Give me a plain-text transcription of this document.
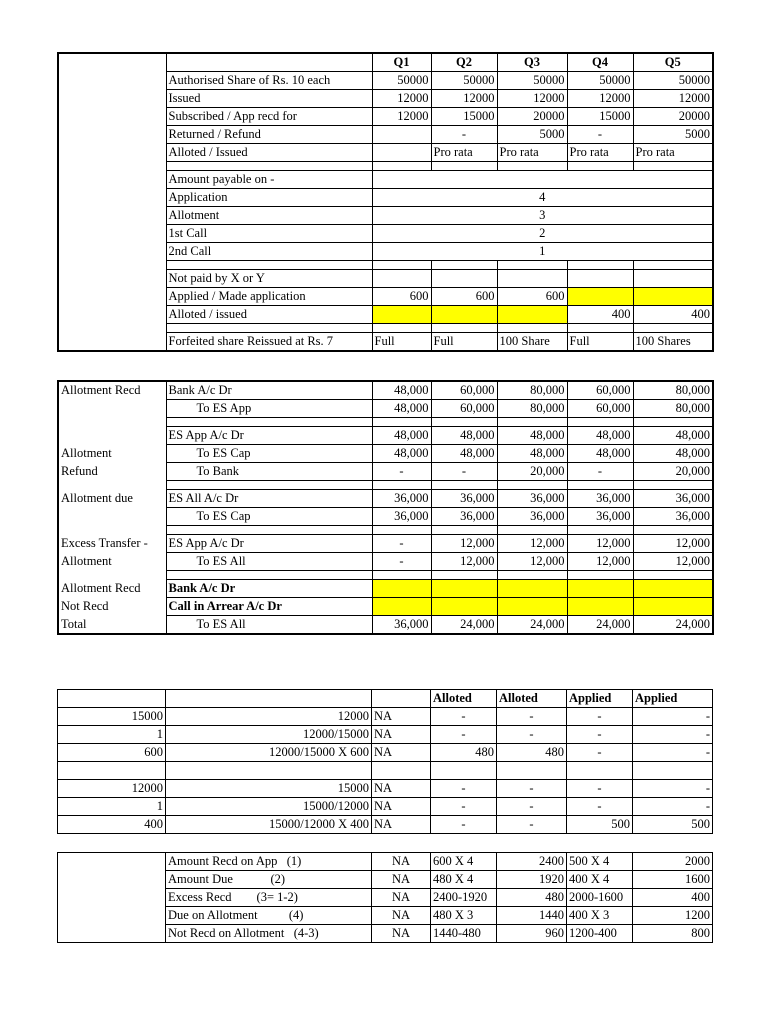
		Q1	Q2	Q3	Q4	Q5
	Authorised Share of Rs. 10 each	50000	50000	50000	50000	50000
	Issued	12000	12000	12000	12000	12000
	Subscribed / App recd for	12000	15000	20000	15000	20000
	Returned / Refund		-	5000	-	5000
	Alloted / Issued		Pro rata	Pro rata	Pro rata	Pro rata

	Amount payable on -					
	Application	4				
	Allotment	3				
	1st Call	2				
	2nd Call	1				

	Not paid by X or Y					
	Applied / Made application	600	600	600		
	Alloted / issued				400	400

	Forfeited share Reissued at Rs. 7	Full	Full	100 Share	Full	100 Shares
Allotment Recd	Bank A/c Dr	48,000	60,000	80,000	60,000	80,000
	To ES App	48,000	60,000	80,000	60,000	80,000

	ES App A/c Dr	48,000	48,000	48,000	48,000	48,000
Allotment	To ES Cap	48,000	48,000	48,000	48,000	48,000
Refund	To Bank	-	-	20,000	-	20,000

Allotment due	ES All A/c Dr	36,000	36,000	36,000	36,000	36,000
	To ES Cap	36,000	36,000	36,000	36,000	36,000

Excess Transfer -	ES App A/c Dr	-	12,000	12,000	12,000	12,000
Allotment	To ES All	-	12,000	12,000	12,000	12,000

Allotment Recd	Bank A/c Dr					
Not Recd	Call in Arrear A/c Dr					
Total	To ES All	36,000	24,000	24,000	24,000	24,000
			Alloted	Alloted	Applied	Applied
15000	12000	NA	-	-	-	-
1	12000/15000	NA	-	-	-	-
600	12000/15000 X 600	NA	480	480	-	-

12000	15000	NA	-	-	-	-
1	15000/12000	NA	-	-	-	-
400	15000/12000 X 400	NA	-	-	500	500
	Amount Recd on App (1)	NA	600 X 4	2400	500 X 4	2000
	Amount Due (2)	NA	480 X 4	1920	400 X 4	1600
	Excess Recd (3= 1-2)	NA	2400-1920	480	2000-1600	400
	Due on Allotment (4)	NA	480 X 3	1440	400 X 3	1200
	Not Recd on Allotment (4-3)	NA	1440-480	960	1200-400	800
